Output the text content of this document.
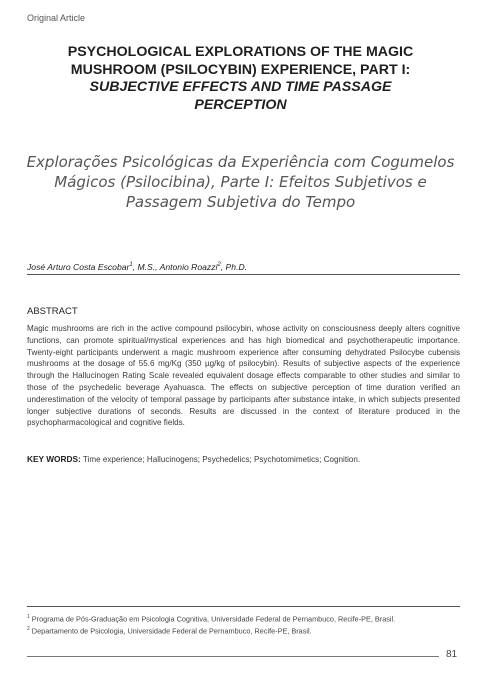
Original Article
PSYCHOLOGICAL EXPLORATIONS OF THE MAGIC
MUSHROOM (PSILOCYBIN) EXPERIENCE, PART I:
SUBJECTIVE EFFECTS AND TIME PASSAGE
PERCEPTION
Explorações Psicológicas da Experiência com Cogumelos
Mágicos (Psilocibina), Parte I: Efeitos Subjetivos e
Passagem Subjetiva do Tempo
José Arturo Costa Escobar$^1$, M.S., Antonio Roazzi$^2$, Ph.D.
ABSTRACT
Magic mushrooms are rich in the active compound psilocybin, whose activity on consciousness deeply alters cognitive functions, can promote spiritual/mystical experiences and has high biomedical and psychotherapeutic importance. Twenty-eight participants underwent a magic mushroom experience after consuming dehydrated Psilocybe cubensis mushrooms at the dosage of 55.6 mg/Kg (350 µg/kg of psilocybin). Results of subjective aspects of the experience through the Hallucinogen Rating Scale revealed equivalent dosage effects comparable to other studies and similar to those of the psychedelic beverage Ayahuasca. The effects on subjective perception of time duration verified an underestimation of the velocity of temporal passage by participants after substance intake, in which subjects presented longer subjective durations of seconds. Results are discussed in the context of literature produced in the psychopharmacological and cognitive fields.
KEY WORDS: Time experience; Hallucinogens; Psychedelics; Psychotomimetics; Cognition.
$^1$ Programa de Pós-Graduação em Psicologia Cognitiva, Universidade Federal de Pernambuco, Recife-PE, Brasil.
$^2$ Departamento de Psicologia, Universidade Federal de Pernambuco, Recife-PE, Brasil.
81
